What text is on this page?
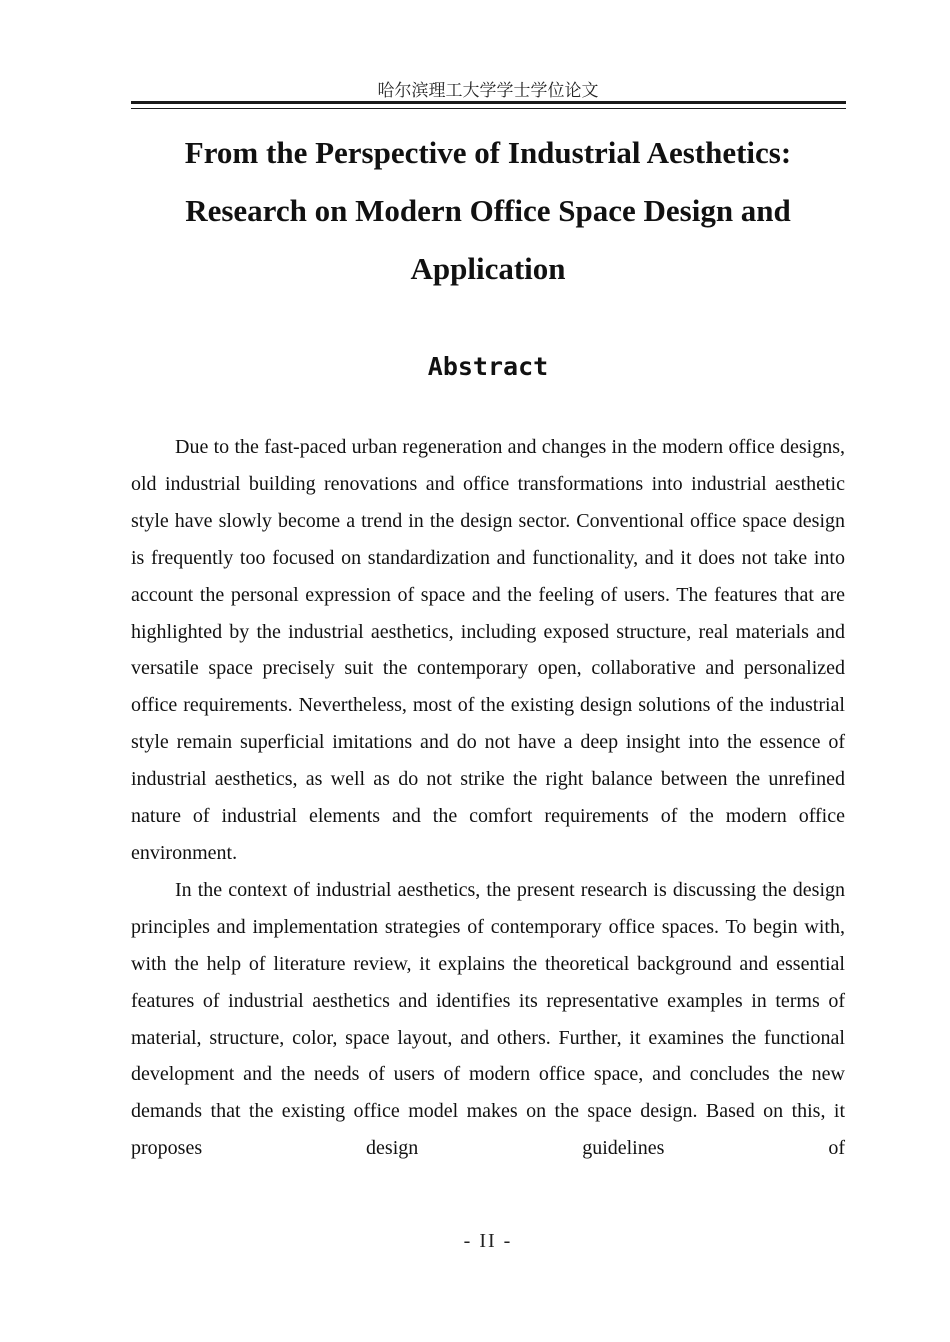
哈尔滨理工大学学士学位论文
From the Perspective of Industrial Aesthetics:
Research on Modern Office Space Design and
Application
Abstract

Due to the fast-paced urban regeneration and changes in the modern office designs, old industrial building renovations and office transformations into industrial aesthetic style have slowly become a trend in the design sector. Conventional office space design is frequently too focused on standardization and functionality, and it does not take into account the personal expression of space and the feeling of users. The features that are highlighted by the industrial aesthetics, including exposed structure, real materials and versatile space precisely suit the contemporary open, collaborative and personalized office requirements. Nevertheless, most of the existing design solutions of the industrial style remain superficial imitations and do not have a deep insight into the essence of industrial aesthetics, as well as do not strike the right balance between the unrefined nature of industrial elements and the comfort requirements of the modern office environment.

In the context of industrial aesthetics, the present research is discussing the design principles and implementation strategies of contemporary office spaces. To begin with, with the help of literature review, it explains the theoretical background and essential features of industrial aesthetics and identifies its representative examples in terms of material, structure, color, space layout, and others. Further, it examines the functional development and the needs of users of modern office space, and concludes the new demands that the existing office model makes on the space design. Based on this, it proposes design guidelines of

- II -
